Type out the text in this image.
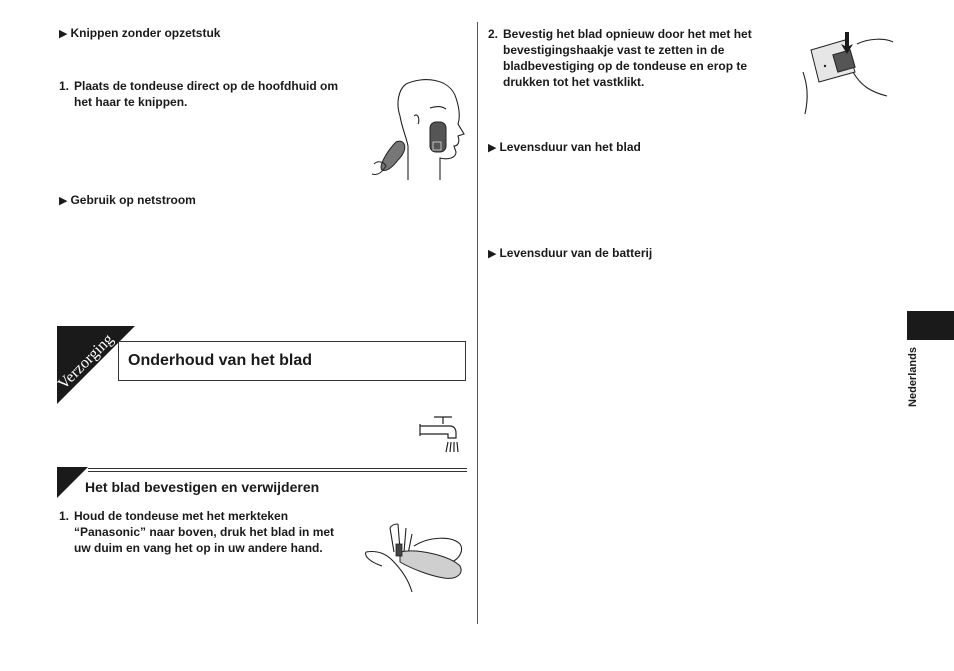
▶ Knippen zonder opzetstuk
1. Plaats de tondeuse direct op de hoofdhuid om het haar te knippen.
▶ Gebruik op netstroom
Verzorging Onderhoud van het blad
Het blad bevestigen en verwijderen
1. Houd de tondeuse met het merkteken “Panasonic” naar boven, druk het blad in met uw duim en vang het op in uw andere hand.
2. Bevestig het blad opnieuw door het met het bevestigingshaakje vast te zetten in de bladbevestiging op de tondeuse en erop te drukken tot het vastklikt.
▶ Levensduur van het blad
▶ Levensduur van de batterij
Nederlands
